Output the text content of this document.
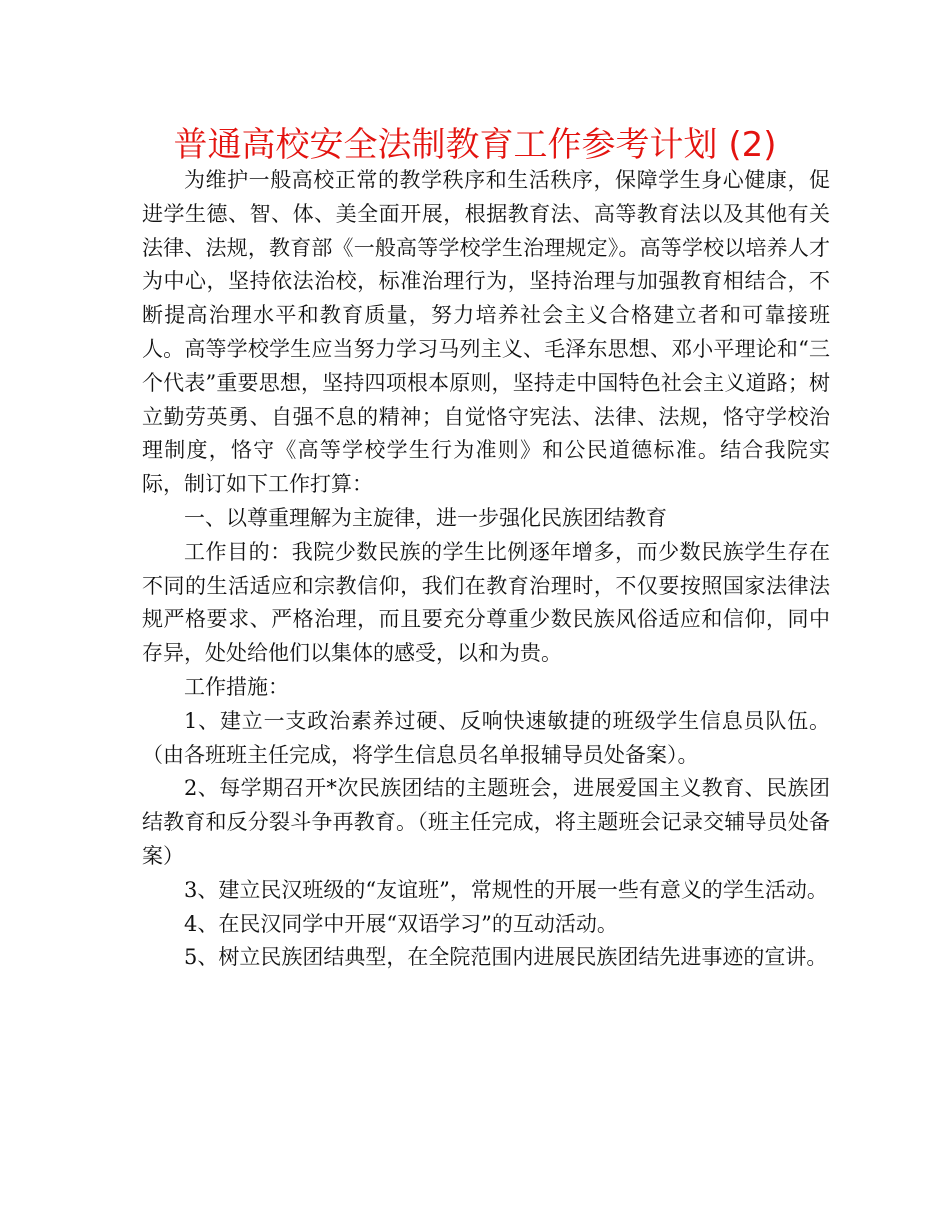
普通高校安全法制教育工作参考计划 (2)

为维护一般高校正常的教学秩序和生活秩序，保障学生身心健康，促进学生德、智、体、美全面开展，根据教育法、高等教育法以及其他有关法律、法规，教育部《一般高等学校学生治理规定》。高等学校以培养人才为中心，坚持依法治校，标准治理行为，坚持治理与加强教育相结合，不断提高治理水平和教育质量，努力培养社会主义合格建立者和可靠接班人。高等学校学生应当努力学习马列主义、毛泽东思想、邓小平理论和“三个代表”重要思想，坚持四项根本原则，坚持走中国特色社会主义道路；树立勤劳英勇、自强不息的精神；自觉恪守宪法、法律、法规，恪守学校治理制度，恪守《高等学校学生行为准则》和公民道德标准。结合我院实际，制订如下工作打算：

一、以尊重理解为主旋律，进一步强化民族团结教育

工作目的：我院少数民族的学生比例逐年增多，而少数民族学生存在不同的生活适应和宗教信仰，我们在教育治理时，不仅要按照国家法律法规严格要求、严格治理，而且要充分尊重少数民族风俗适应和信仰，同中存异，处处给他们以集体的感受，以和为贵。

工作措施：

1、建立一支政治素养过硬、反响快速敏捷的班级学生信息员队伍。（由各班班主任完成，将学生信息员名单报辅导员处备案）。

2、每学期召开*次民族团结的主题班会，进展爱国主义教育、民族团结教育和反分裂斗争再教育。（班主任完成，将主题班会记录交辅导员处备案）

3、建立民汉班级的“友谊班”，常规性的开展一些有意义的学生活动。

4、在民汉同学中开展“双语学习”的互动活动。

5、树立民族团结典型，在全院范围内进展民族团结先进事迹的宣讲。
